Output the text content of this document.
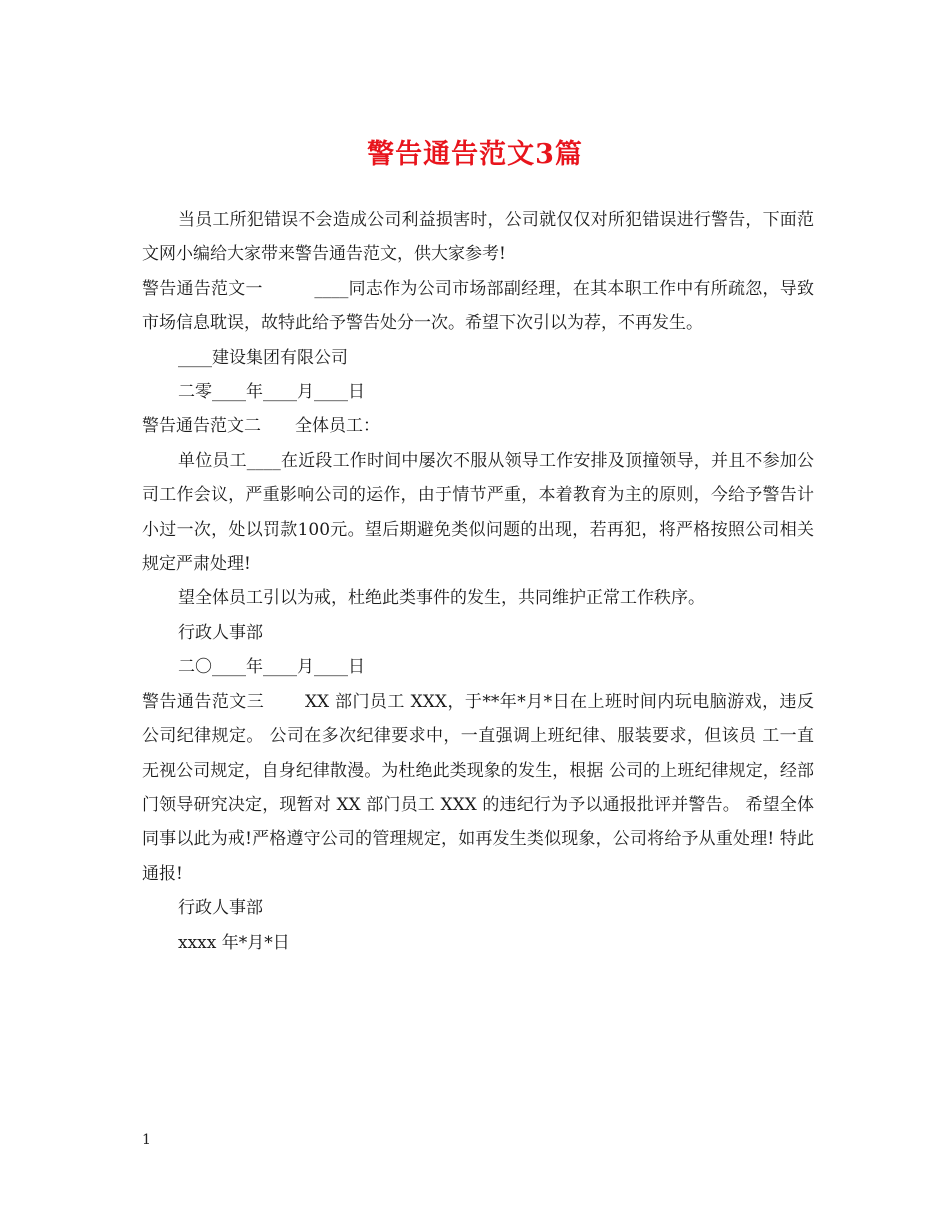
警告通告范文3篇

当员工所犯错误不会造成公司利益损害时，公司就仅仅对所犯错误进行警告，下面范文网小编给大家带来警告通告范文，供大家参考!

警告通告范文一　　　____同志作为公司市场部副经理，在其本职工作中有所疏忽，导致市场信息耽误，故特此给予警告处分一次。希望下次引以为荐，不再发生。

____建设集团有限公司

二零____年____月____日

警告通告范文二　　全体员工：

单位员工____在近段工作时间中屡次不服从领导工作安排及顶撞领导，并且不参加公司工作会议，严重影响公司的运作，由于情节严重，本着教育为主的原则，今给予警告计小过一次，处以罚款100元。望后期避免类似问题的出现，若再犯，将严格按照公司相关规定严肃处理!

望全体员工引以为戒，杜绝此类事件的发生，共同维护正常工作秩序。

行政人事部

二〇____年____月____日

警告通告范文三　　 XX 部门员工 XXX，于**年*月*日在上班时间内玩电脑游戏，违反 公司纪律规定。 公司在多次纪律要求中，一直强调上班纪律、服装要求，但该员 工一直无视公司规定，自身纪律散漫。为杜绝此类现象的发生，根据 公司的上班纪律规定，经部门领导研究决定，现暂对 XX 部门员工 XXX 的违纪行为予以通报批评并警告。 希望全体同事以此为戒!严格遵守公司的管理规定，如再发生类似现象，公司将给予从重处理! 特此通报!

行政人事部

xxxx 年*月*日

1
